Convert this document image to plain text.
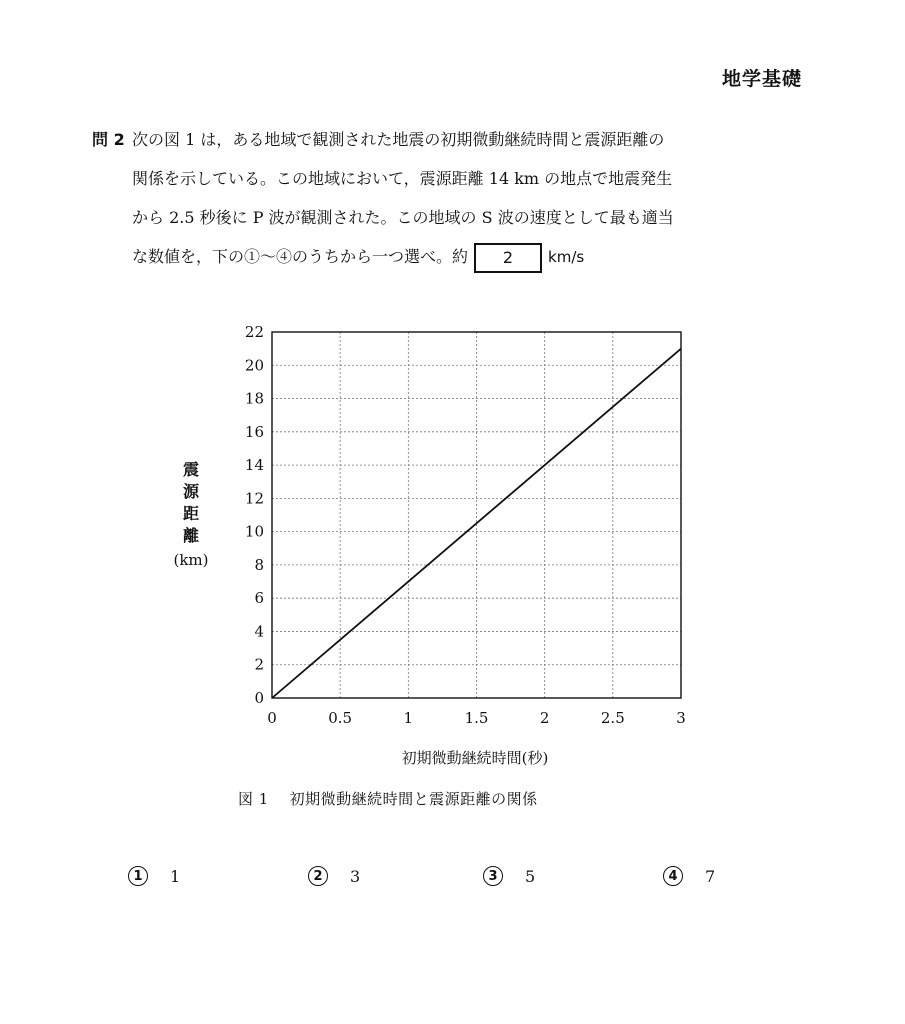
地学基礎
問 2 次の図 1 は，ある地域で観測された地震の初期微動継続時間と震源距離の
関係を示している。この地域において，震源距離 14 km の地点で地震発生
から 2.5 秒後に P 波が観測された。この地域の S 波の速度として最も適当
な数値を，下の①～④のうちから一つ選べ。約 2 km/s
0	0.5	1	1.5	2	2.5	3
0
2
4
6
8
10
12
14
16
18
20
22
初期微動継続時間(秒)
震
源
距
離
(km)
図 1　 初期微動継続時間と震源距離の関係
1	1	2	3	3	5	4	7
